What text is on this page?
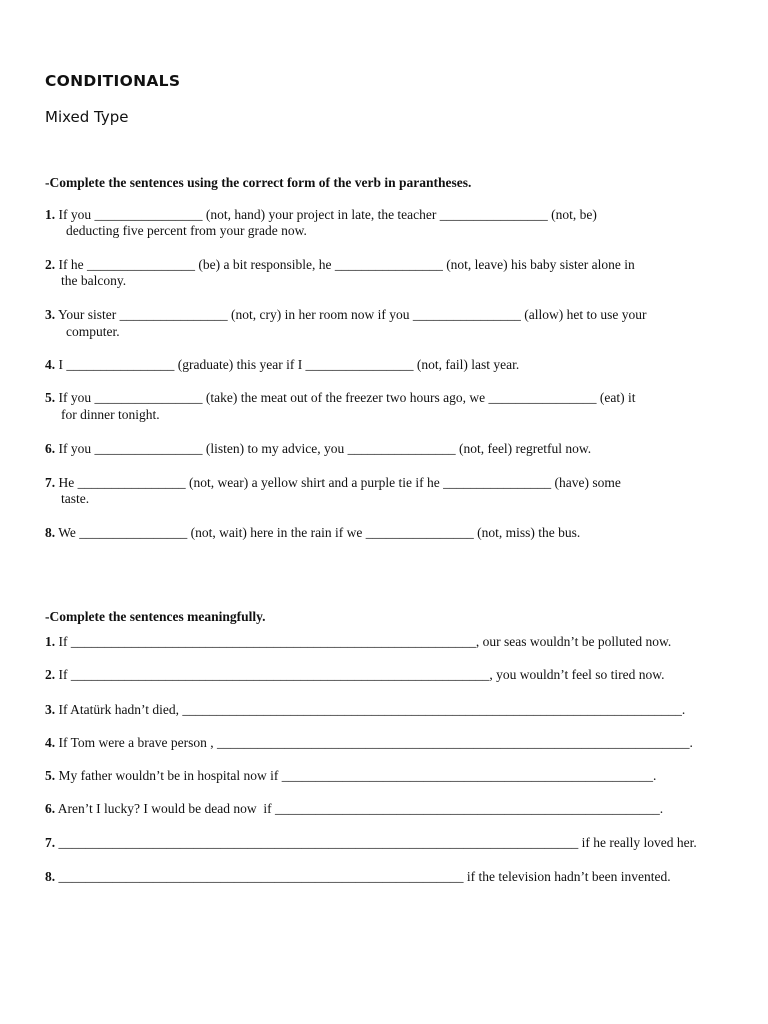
CONDITIONALS
Mixed Type
-Complete the sentences using the correct form of the verb in parantheses.
1. If you ________________ (not, hand) your project in late, the teacher ________________ (not, be)
deducting five percent from your grade now.
2. If he ________________ (be) a bit responsible, he ________________ (not, leave) his baby sister alone in
the balcony.
3. Your sister ________________ (not, cry) in her room now if you ________________ (allow) het to use your
computer.
4. I ________________ (graduate) this year if I ________________ (not, fail) last year.
5. If you ________________ (take) the meat out of the freezer two hours ago, we ________________ (eat) it
for dinner tonight.
6. If you ________________ (listen) to my advice, you ________________ (not, feel) regretful now.
7. He ________________ (not, wear) a yellow shirt and a purple tie if he ________________ (have) some
taste.
8. We ________________ (not, wait) here in the rain if we ________________ (not, miss) the bus.
-Complete the sentences meaningfully.
1. If ____________________________________________________________, our seas wouldn’t be polluted now.
2. If ______________________________________________________________, you wouldn’t feel so tired now.
3. If Atatürk hadn’t died, __________________________________________________________________________.
4. If Tom were a brave person , ______________________________________________________________________.
5. My father wouldn’t be in hospital now if _______________________________________________________.
6. Aren’t I lucky? I would be dead now  if _________________________________________________________.
7. _____________________________________________________________________________ if he really loved her.
8. ____________________________________________________________ if the television hadn’t been invented.
